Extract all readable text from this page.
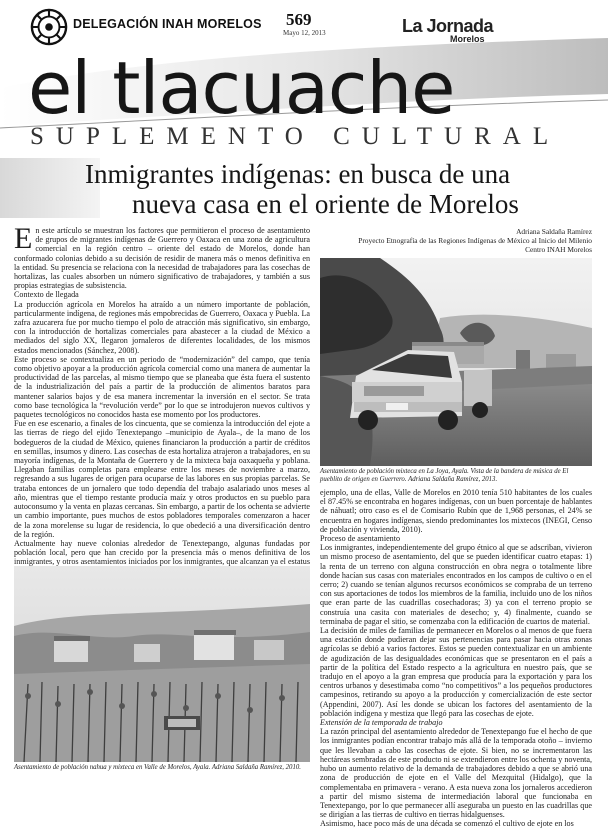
DELEGACIÓN INAH MORELOS 569
Mayo 12, 2013	La Jornada
Morelos
el tlacuache
SUPLEMENTO CULTURAL
Inmigrantes indígenas: en busca de una
nueva casa en el oriente de Morelos

En este artículo se muestran los factores que permitieron el proceso de asentamiento de grupos de migrantes indígenas de Guerrero y Oaxaca en una zona de agricultura comercial en la región centro – oriente del estado de Morelos, donde han conformado colonias debido a su decisión de residir de manera más o menos definitiva en la entidad. Su presencia se relaciona con la necesidad de trabajadores para las cosechas de hortalizas, las cuales absorben un número significativo de trabajadores, y también a sus propias estrategias de subsistencia.

Contexto de llegada

La producción agrícola en Morelos ha atraído a un número importante de población, particularmente indígena, de regiones más empobrecidas de Guerrero, Oaxaca y Puebla. La zafra azucarera fue por mucho tiempo el polo de atracción más significativo, sin embargo, con la introducción de hortalizas comerciales para abastecer a la ciudad de México a mediados del siglo XX, llegaron jornaleros de diferentes localidades, de los mismos estados mencionados (Sánchez, 2008).

Este proceso se contextualiza en un periodo de “modernización” del campo, que tenía como objetivo apoyar a la producción agrícola comercial como una manera de aumentar la productividad de las parcelas, al mismo tiempo que se planeaba que ésta fuera el sustento de la industrialización del país a partir de la producción de alimentos baratos para mantener salarios bajos y de esa manera incrementar la inversión en el sector. Se trata como base tecnológica la “revolución verde” por lo que se introdujeron nuevos cultivos y paquetes tecnológicos no conocidos hasta ese momento por los productores.

Fue en ese escenario, a finales de los cincuenta, que se comienza la introducción del ejote a las tierras de riego del ejido Tenextepango –municipio de Ayala–, de la mano de los bodegueros de la ciudad de México, quienes financiaron la producción a partir de créditos en semillas, insumos y dinero. Las cosechas de esta hortaliza atrajeron a trabajadores, en su mayoría indígenas, de la Montaña de Guerrero y de la mixteca baja oaxaqueña y poblana. Llegaban familias completas para emplearse entre los meses de noviembre a marzo, regresando a sus lugares de origen para ocuparse de las labores en sus propias parcelas. Se trataba entonces de un jornalero que todo dependía del trabajo asalariado unos meses al año, mientras que el tiempo restante producía maíz y otros productos en su pueblo para autoconsumo y la venta en plazas cercanas. Sin embargo, a partir de los ochenta se advierte un cambio importante, pues muchos de estos pobladores temporales comenzaron a hacer de la zona morelense su lugar de residencia, lo que obedeció a una diversificación dentro de la región.

Actualmente hay nueve colonias alrededor de Tenextepango, algunas fundadas por población local, pero que han crecido por la presencia más o menos definitiva de los inmigrantes, y otros asentamientos iniciados por los inmigrantes, que alcanzan ya el estatus

Adriana Saldaña Ramírez
Proyecto Etnografía de las Regiones Indígenas de México al Inicio del Milenio
Centro INAH Morelos
Asentamiento de población mixteca en La Joya, Ayala. Vista de la bandera de música de El pueblito de origen en Guerrero. Adriana Saldaña Ramírez, 2013.

ejemplo, una de ellas, Valle de Morelos en 2010 tenía 510 habitantes de los cuales el 87.45% se encontraba en hogares indígenas, con un buen porcentaje de hablantes de náhuatl; otro caso es el de Comisario Rubín que de 1,968 personas, el 24% se encuentra en hogares indígenas, siendo predominantes los mixtecos (INEGI, Censo de población y vivienda, 2010).

Proceso de asentamiento

Los inmigrantes, independientemente del grupo étnico al que se adscriban, vivieron un mismo proceso de asentamiento, del que se pueden identificar cuatro etapas: 1) la renta de un terreno con alguna construcción en obra negra o totalmente libre donde hacían sus casas con materiales encontrados en los campos de cultivo o en el cerro; 2) cuando se tenían algunos recursos económicos se compraba de un terreno con sus aportaciones de todos los miembros de la familia, incluido uno de los niños que eran parte de las cuadrillas cosechadoras; 3) ya con el terreno propio se construía una casita con materiales de desecho; y, 4) finalmente, cuando se terminaba de pagar el sitio, se comenzaba con la edificación de cuartos de material.

La decisión de miles de familias de permanecer en Morelos o al menos de que fuera una estación donde pudieran dejar sus pertenencias para pasar hacia otras zonas agrícolas se debió a varios factores. Estos se pueden contextualizar en un ambiente de agudización de las desigualdades económicas que se presentaron en el país a partir de la política del Estado respecto a la agricultura en nuestro país, que se tradujo en el apoyo a la gran empresa que producía para la exportación y para los centros urbanos y desestimaba como “no competitivos” a los pequeños productores campesinos, retirando su apoyo a la producción y comercialización de este sector (Appendini, 2007). Así les donde se ubican los factores del asentamiento de la población indígena y mestiza que llegó para las cosechas de ejote.

Extensión de la temporada de trabajo

La razón principal del asentamiento alrededor de Tenextepango fue el hecho de que los inmigrantes podían encontrar trabajo más allá de la temporada otoño – invierno que les llevaban a cabo las cosechas de ejote. Si bien, no se incrementaron las hectáreas sembradas de este producto ni se extendieron entre los ochenta y noventa, hubo un aumento relativo de la demanda de trabajadores debido a que se abrió una zona de producción de ejote en el Valle del Mezquital (Hidalgo), que la complementaba en primavera - verano. A esta nueva zona los jornaleros accedieron a partir del mismo sistema de intermediación laboral que funcionaba en Tenextepango, por lo que permanecer allí aseguraba un puesto en las cuadrillas que se dirigían a las tierras de cultivo en tierras hidalguenses.

Asimismo, hace poco más de una década se comenzó el cultivo de ejote en los

Asentamiento de población nahua y mixteca en Valle de Morelos, Ayala. Adriana Saldaña Ramírez, 2010.
